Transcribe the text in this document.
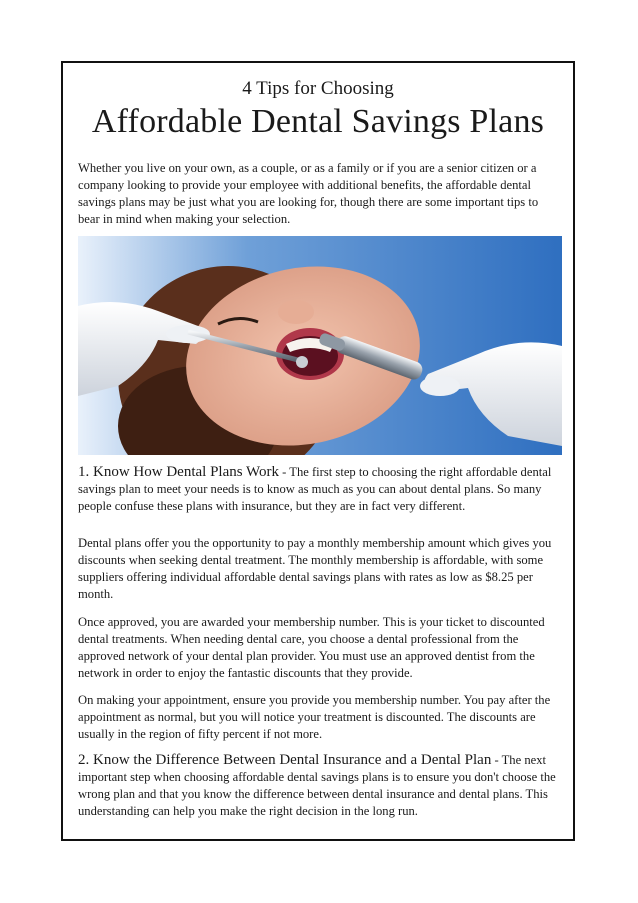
4 Tips for Choosing
Affordable Dental Savings Plans

Whether you live on your own, as a couple, or as a family or if you are a senior citizen or a company looking to provide your employee with additional benefits, the affordable dental savings plans may be just what you are looking for, though there are some important tips to bear in mind when making your selection.

1. Know How Dental Plans Work - The first step to choosing the right affordable dental savings plan to meet your needs is to know as much as you can about dental plans. So many people confuse these plans with insurance, but they are in fact very different.

Dental plans offer you the opportunity to pay a monthly membership amount which gives you discounts when seeking dental treatment. The monthly membership is affordable, with some suppliers offering individual affordable dental savings plans with rates as low as $8.25 per month.

Once approved, you are awarded your membership number. This is your ticket to discounted dental treatments. When needing dental care, you choose a dental professional from the approved network of your dental plan provider. You must use an approved dentist from the network in order to enjoy the fantastic discounts that they provide.

On making your appointment, ensure you provide you membership number. You pay after the appointment as normal, but you will notice your treatment is discounted. The discounts are usually in the region of fifty percent if not more.

2. Know the Difference Between Dental Insurance and a Dental Plan - The next important step when choosing affordable dental savings plans is to ensure you don't choose the wrong plan and that you know the difference between dental insurance and dental plans. This understanding can help you make the right decision in the long run.
